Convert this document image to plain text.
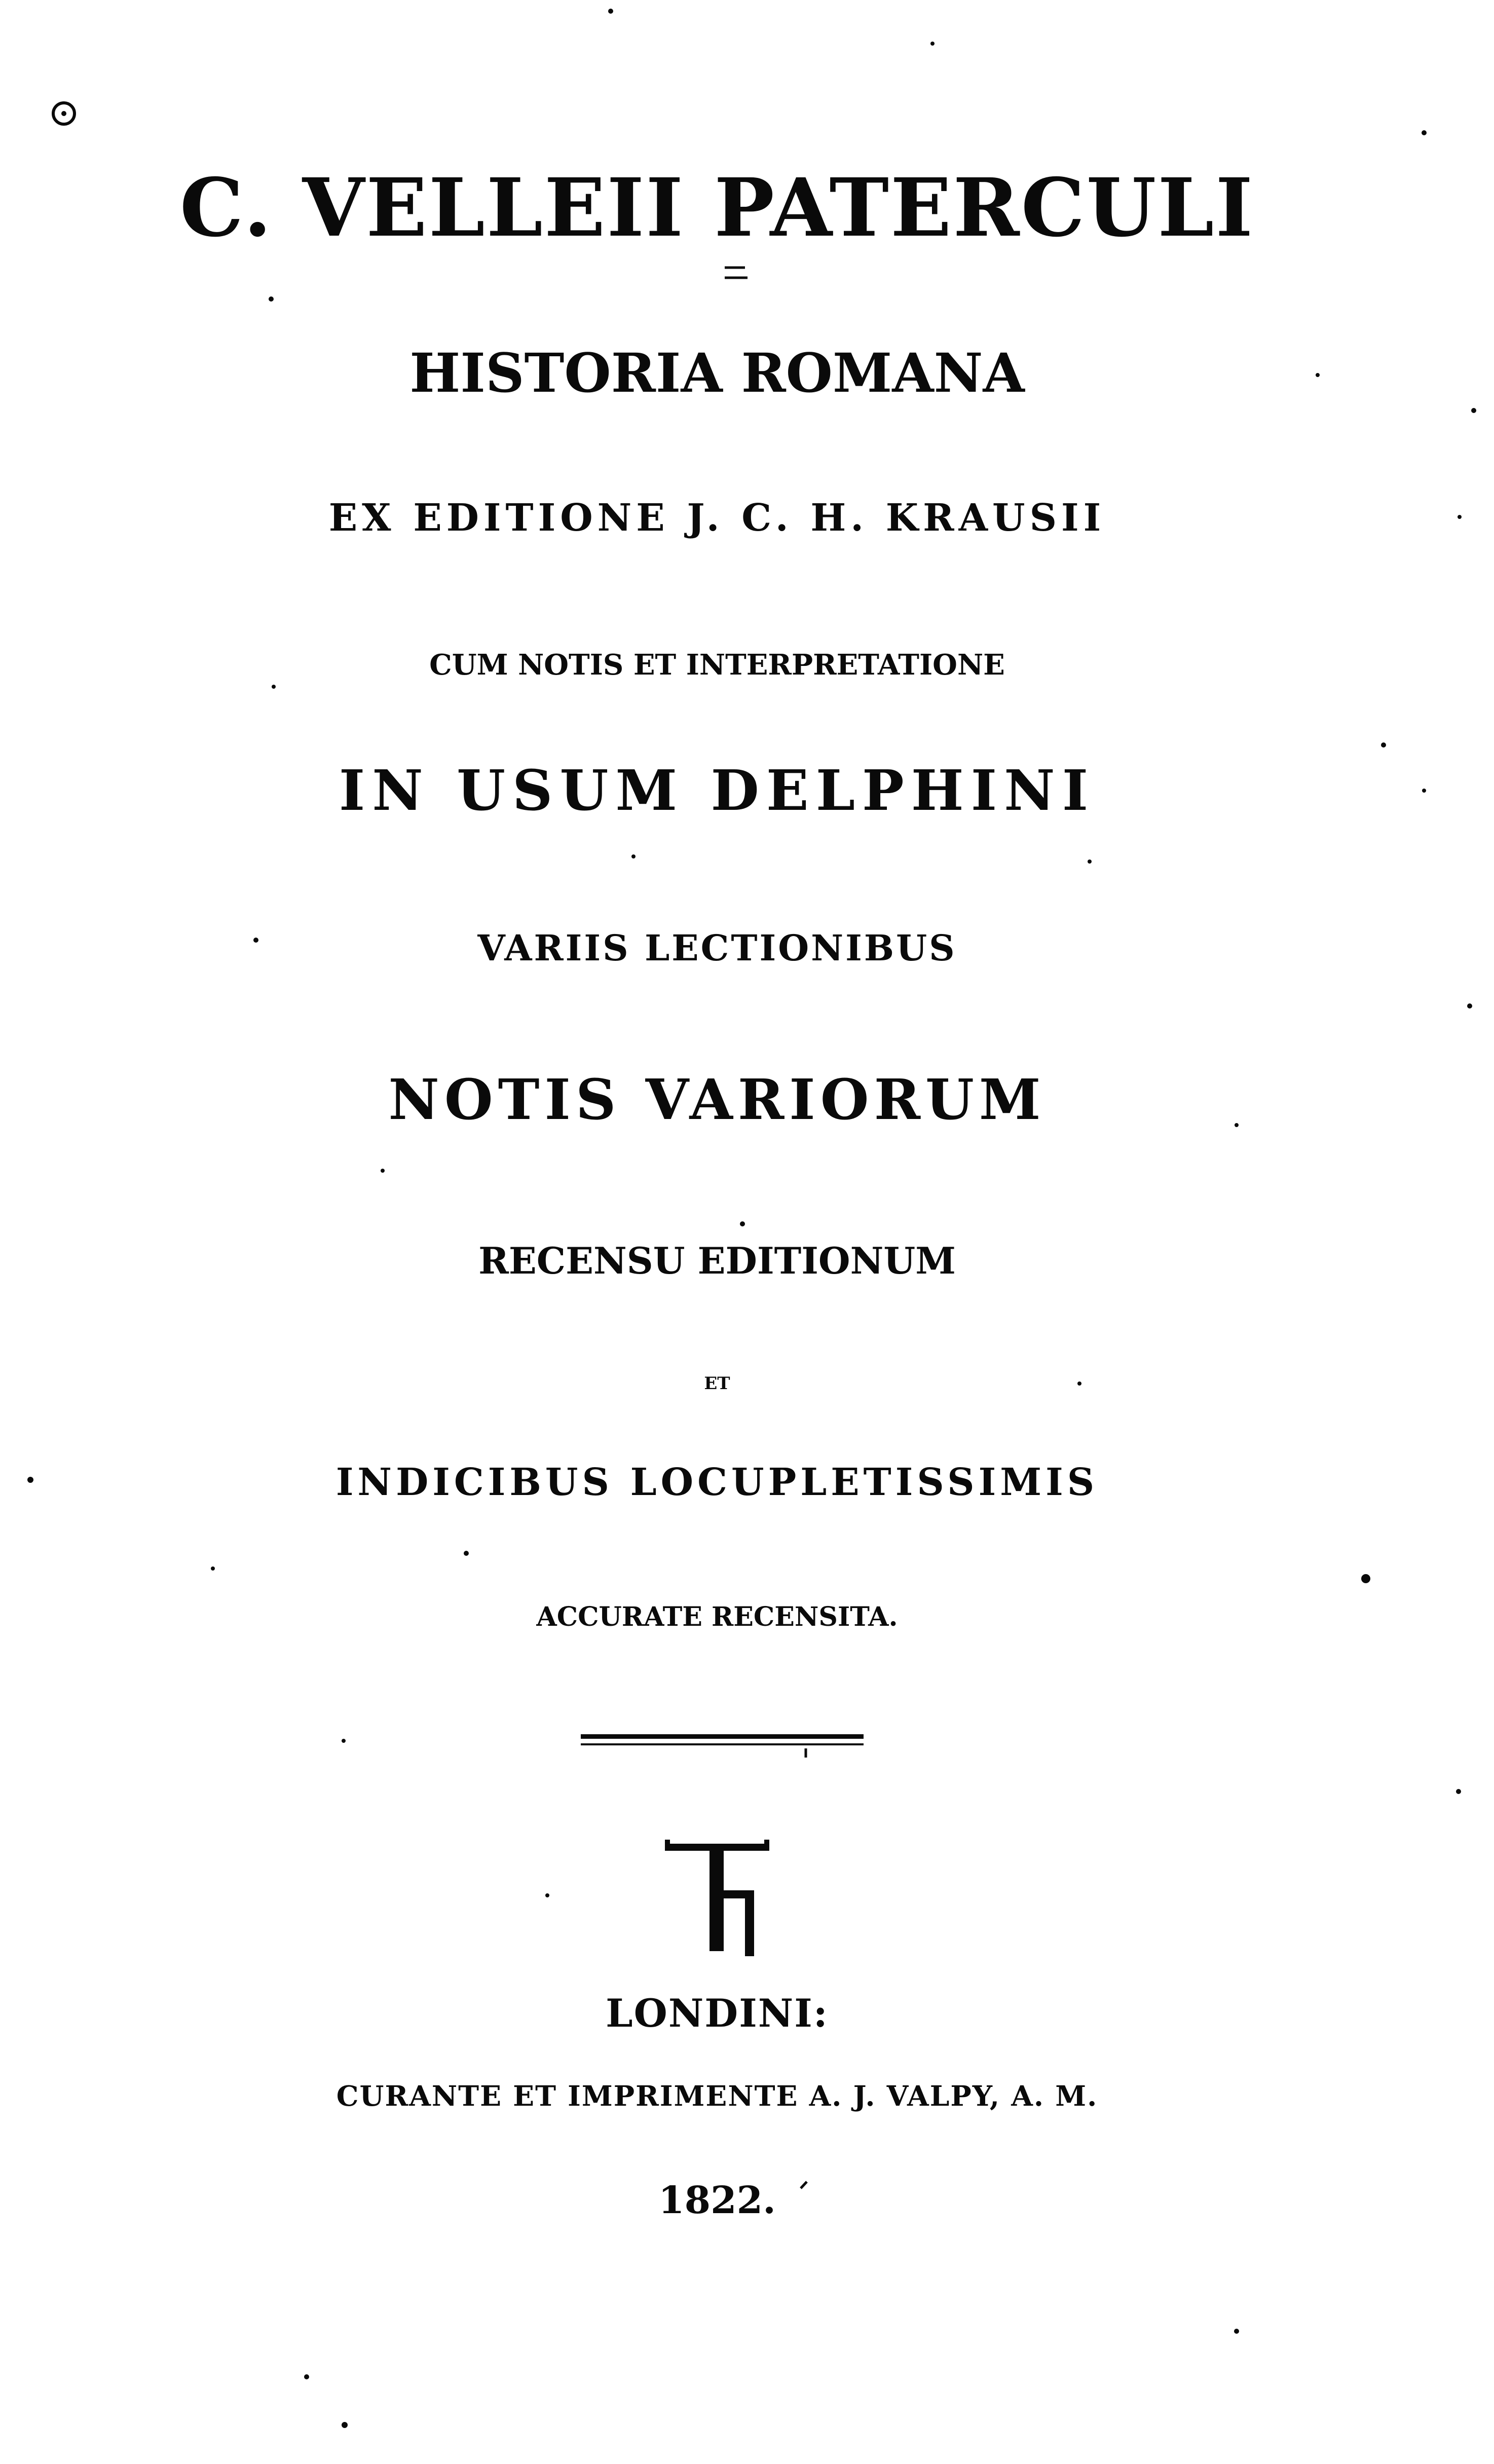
C. VELLEII PATERCULI
HISTORIA ROMANA
EX EDITIONE J. C. H. KRAUSII
CUM NOTIS ET INTERPRETATIONE
IN USUM DELPHINI
VARIIS LECTIONIBUS
NOTIS VARIORUM
RECENSU EDITIONUM
ET
INDICIBUS LOCUPLETISSIMIS
ACCURATE RECENSITA.
LONDINI:
CURANTE ET IMPRIMENTE A. J. VALPY, A. M.
1822.
